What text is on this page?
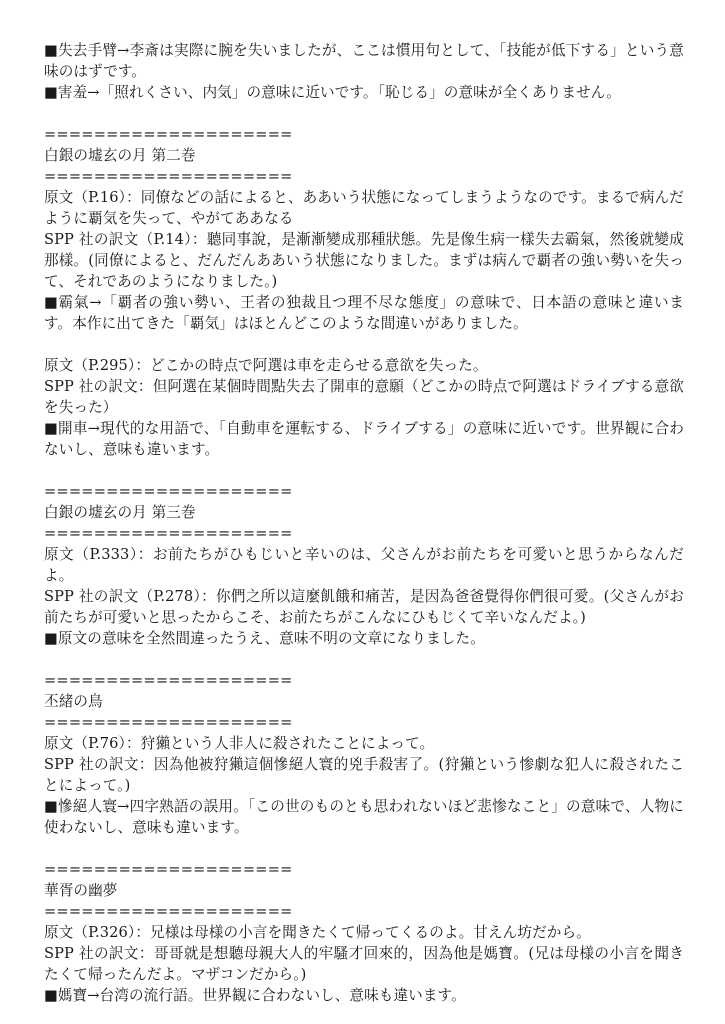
■失去手臂→李斎は実際に腕を失いましたが、ここは慣用句として、「技能が低下する」という意味のはずです。

■害羞→「照れくさい、内気」の意味に近いです。「恥じる」の意味が全くありません。

====================

白銀の墟玄の月 第二巻

====================

原文（P.16）：同僚などの話によると、ああいう状態になってしまうようなのです。まるで病んだように覇気を失って、やがてああなる

SPP 社の訳文（P.14）：聽同事說，是漸漸變成那種狀態。先是像生病一樣失去霸氣，然後就變成那樣。(同僚によると、だんだんああいう状態になりました。まずは病んで覇者の強い勢いを失って、それであのようになりました。)

■霸氣→「覇者の強い勢い、王者の独裁且つ理不尽な態度」の意味で、日本語の意味と違います。本作に出てきた「覇気」はほとんどこのような間違いがありました。

原文（P.295）：どこかの時点で阿選は車を走らせる意欲を失った。

SPP 社の訳文：但阿選在某個時間點失去了開車的意願（どこかの時点で阿選はドライブする意欲を失った）

■開車→現代的な用語で、「自動車を運転する、ドライブする」の意味に近いです。世界観に合わないし、意味も違います。

====================

白銀の墟玄の月 第三巻

====================

原文（P.333）：お前たちがひもじいと辛いのは、父さんがお前たちを可愛いと思うからなんだよ。

SPP 社の訳文（P.278）：你們之所以這麼飢餓和痛苦，是因為爸爸覺得你們很可愛。(父さんがお前たちが可愛いと思ったからこそ、お前たちがこんなにひもじくて辛いなんだよ。)

■原文の意味を全然間違ったうえ、意味不明の文章になりました。

====================

丕緒の鳥

====================

原文（P.76）：狩獺という人非人に殺されたことによって。

SPP 社の訳文：因為他被狩獺這個慘絕人寰的兇手殺害了。(狩獺という惨劇な犯人に殺されたことによって。)

■慘絕人寰→四字熟語の誤用。「この世のものとも思われないほど悲惨なこと」の意味で、人物に使わないし、意味も違います。

====================

華胥の幽夢

====================

原文（P.326）：兄様は母様の小言を聞きたくて帰ってくるのよ。甘えん坊だから。

SPP 社の訳文：哥哥就是想聽母親大人的牢騷才回來的，因為他是媽寶。(兄は母様の小言を聞きたくて帰ったんだよ。マザコンだから。)

■媽寶→台湾の流行語。世界観に合わないし、意味も違います。
